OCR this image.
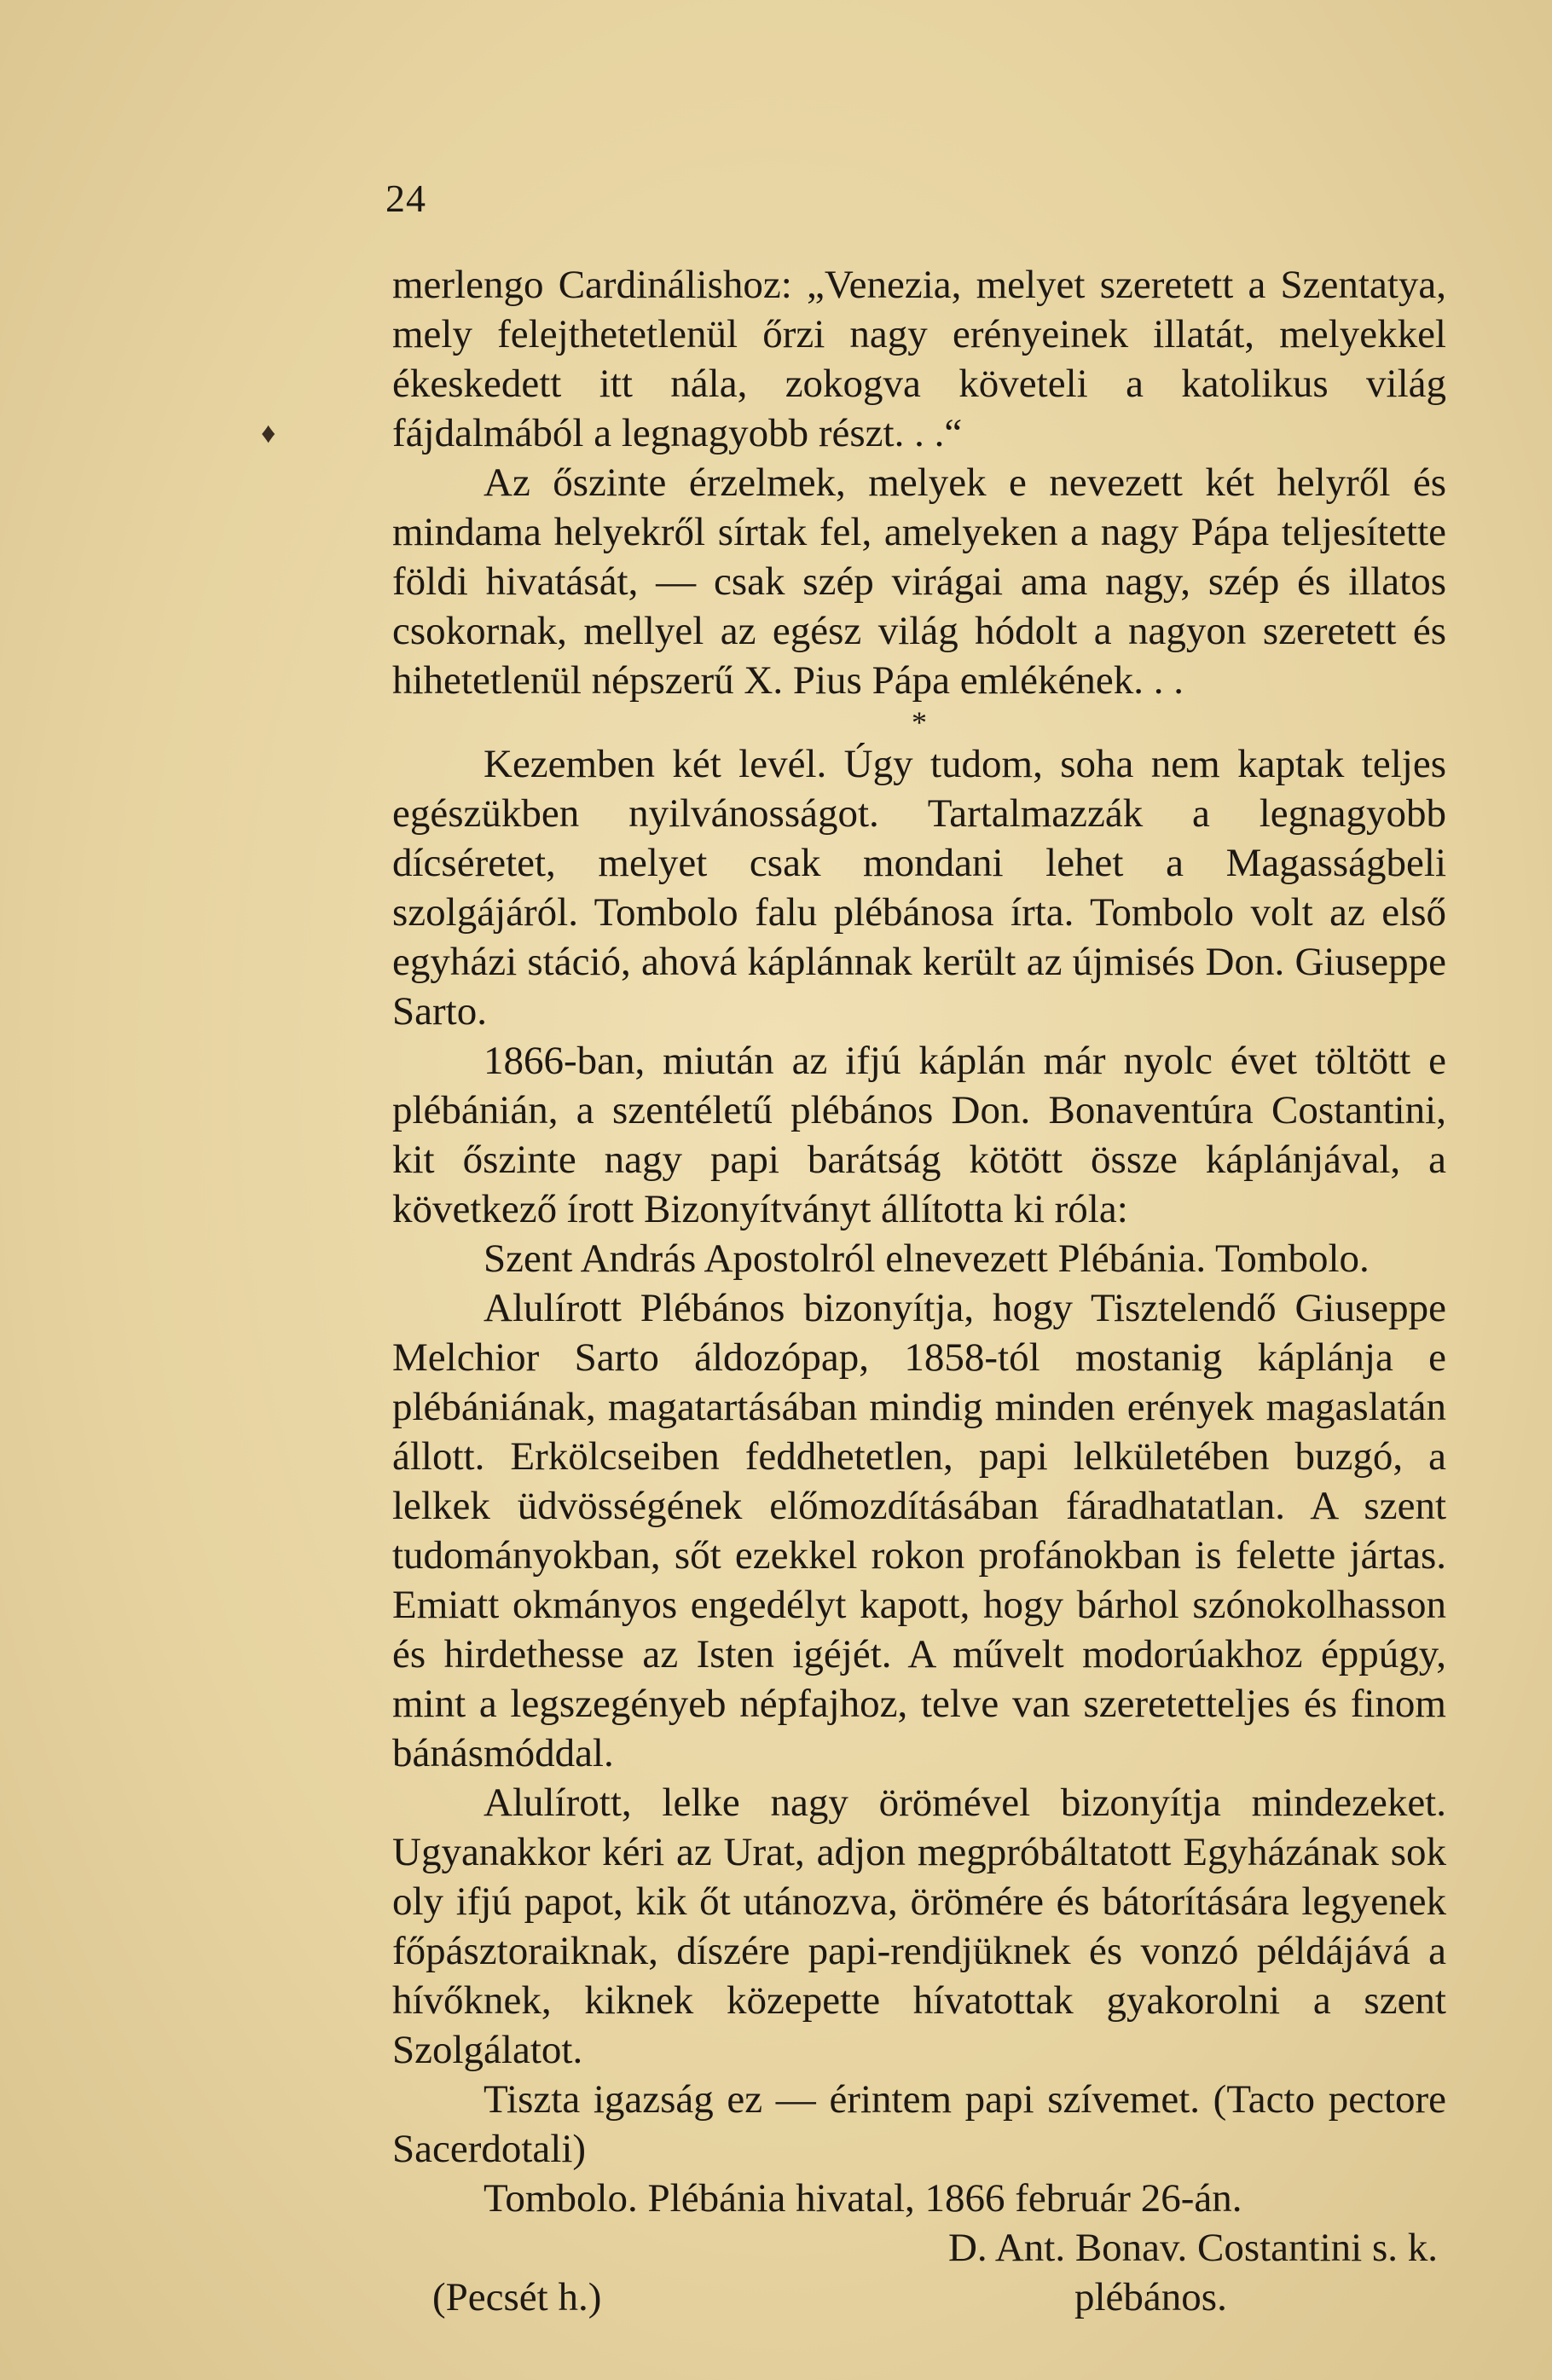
24
♦

merlengo Cardinálishoz: „Venezia, melyet szeretett a Szentatya, mely felejthetetlenül őrzi nagy erényeinek illatát, melyekkel ékeskedett itt nála, zokogva követeli a katolikus világ fájdalmából a legnagyobb részt. . .“

Az őszinte érzelmek, melyek e nevezett két helyről és mindama helyekről sírtak fel, amelyeken a nagy Pápa teljesítette földi hivatását, — csak szép virágai ama nagy, szép és illatos csokornak, mellyel az egész világ hódolt a nagyon szeretett és hihetetlenül népszerű X. Pius Pápa emlékének. . .

*

Kezemben két levél. Úgy tudom, soha nem kaptak teljes egészükben nyilvánosságot. Tartalmazzák a legnagyobb dícséretet, melyet csak mondani lehet a Magasságbeli szolgájáról. Tombolo falu plébánosa írta. Tombolo volt az első egyházi stáció, ahová káplánnak került az újmisés Don. Giuseppe Sarto.

1866-ban, miután az ifjú káplán már nyolc évet töltött e plébánián, a szentéletű plébános Don. Bonaventúra Costantini, kit őszinte nagy papi barátság kötött össze káplánjával, a következő írott Bizonyítványt állította ki róla:

Szent András Apostolról elnevezett Plébánia. Tombolo.

Alulírott Plébános bizonyítja, hogy Tisztelendő Giuseppe Melchior Sarto áldozópap, 1858-tól mostanig káplánja e plébániának, magatartásában mindig minden erények magaslatán állott. Erkölcseiben feddhetetlen, papi lelkületében buzgó, a lelkek üdvösségének előmozdításában fáradhatatlan. A szent tudományokban, sőt ezekkel rokon profánokban is felette jártas. Emiatt okmányos engedélyt kapott, hogy bárhol szónokolhasson és hirdethesse az Isten igéjét. A művelt modorúakhoz éppúgy, mint a legszegényeb népfajhoz, telve van szeretetteljes és finom bánásmóddal.

Alulírott, lelke nagy örömével bizonyítja mindezeket. Ugyanakkor kéri az Urat, adjon megpróbáltatott Egyházának sok oly ifjú papot, kik őt utánozva, örömére és bátorítására legyenek főpásztoraiknak, díszére papi-rendjüknek és vonzó példájává a hívőknek, kiknek közepette hívatottak gyakorolni a szent Szolgálatot.

Tiszta igazság ez — érintem papi szívemet. (Tacto pectore Sacerdotali)

Tombolo. Plébánia hivatal, 1866 február 26-án.

D. Ant. Bonav. Costantini s. k.
(Pecsét h.)	plébános.
